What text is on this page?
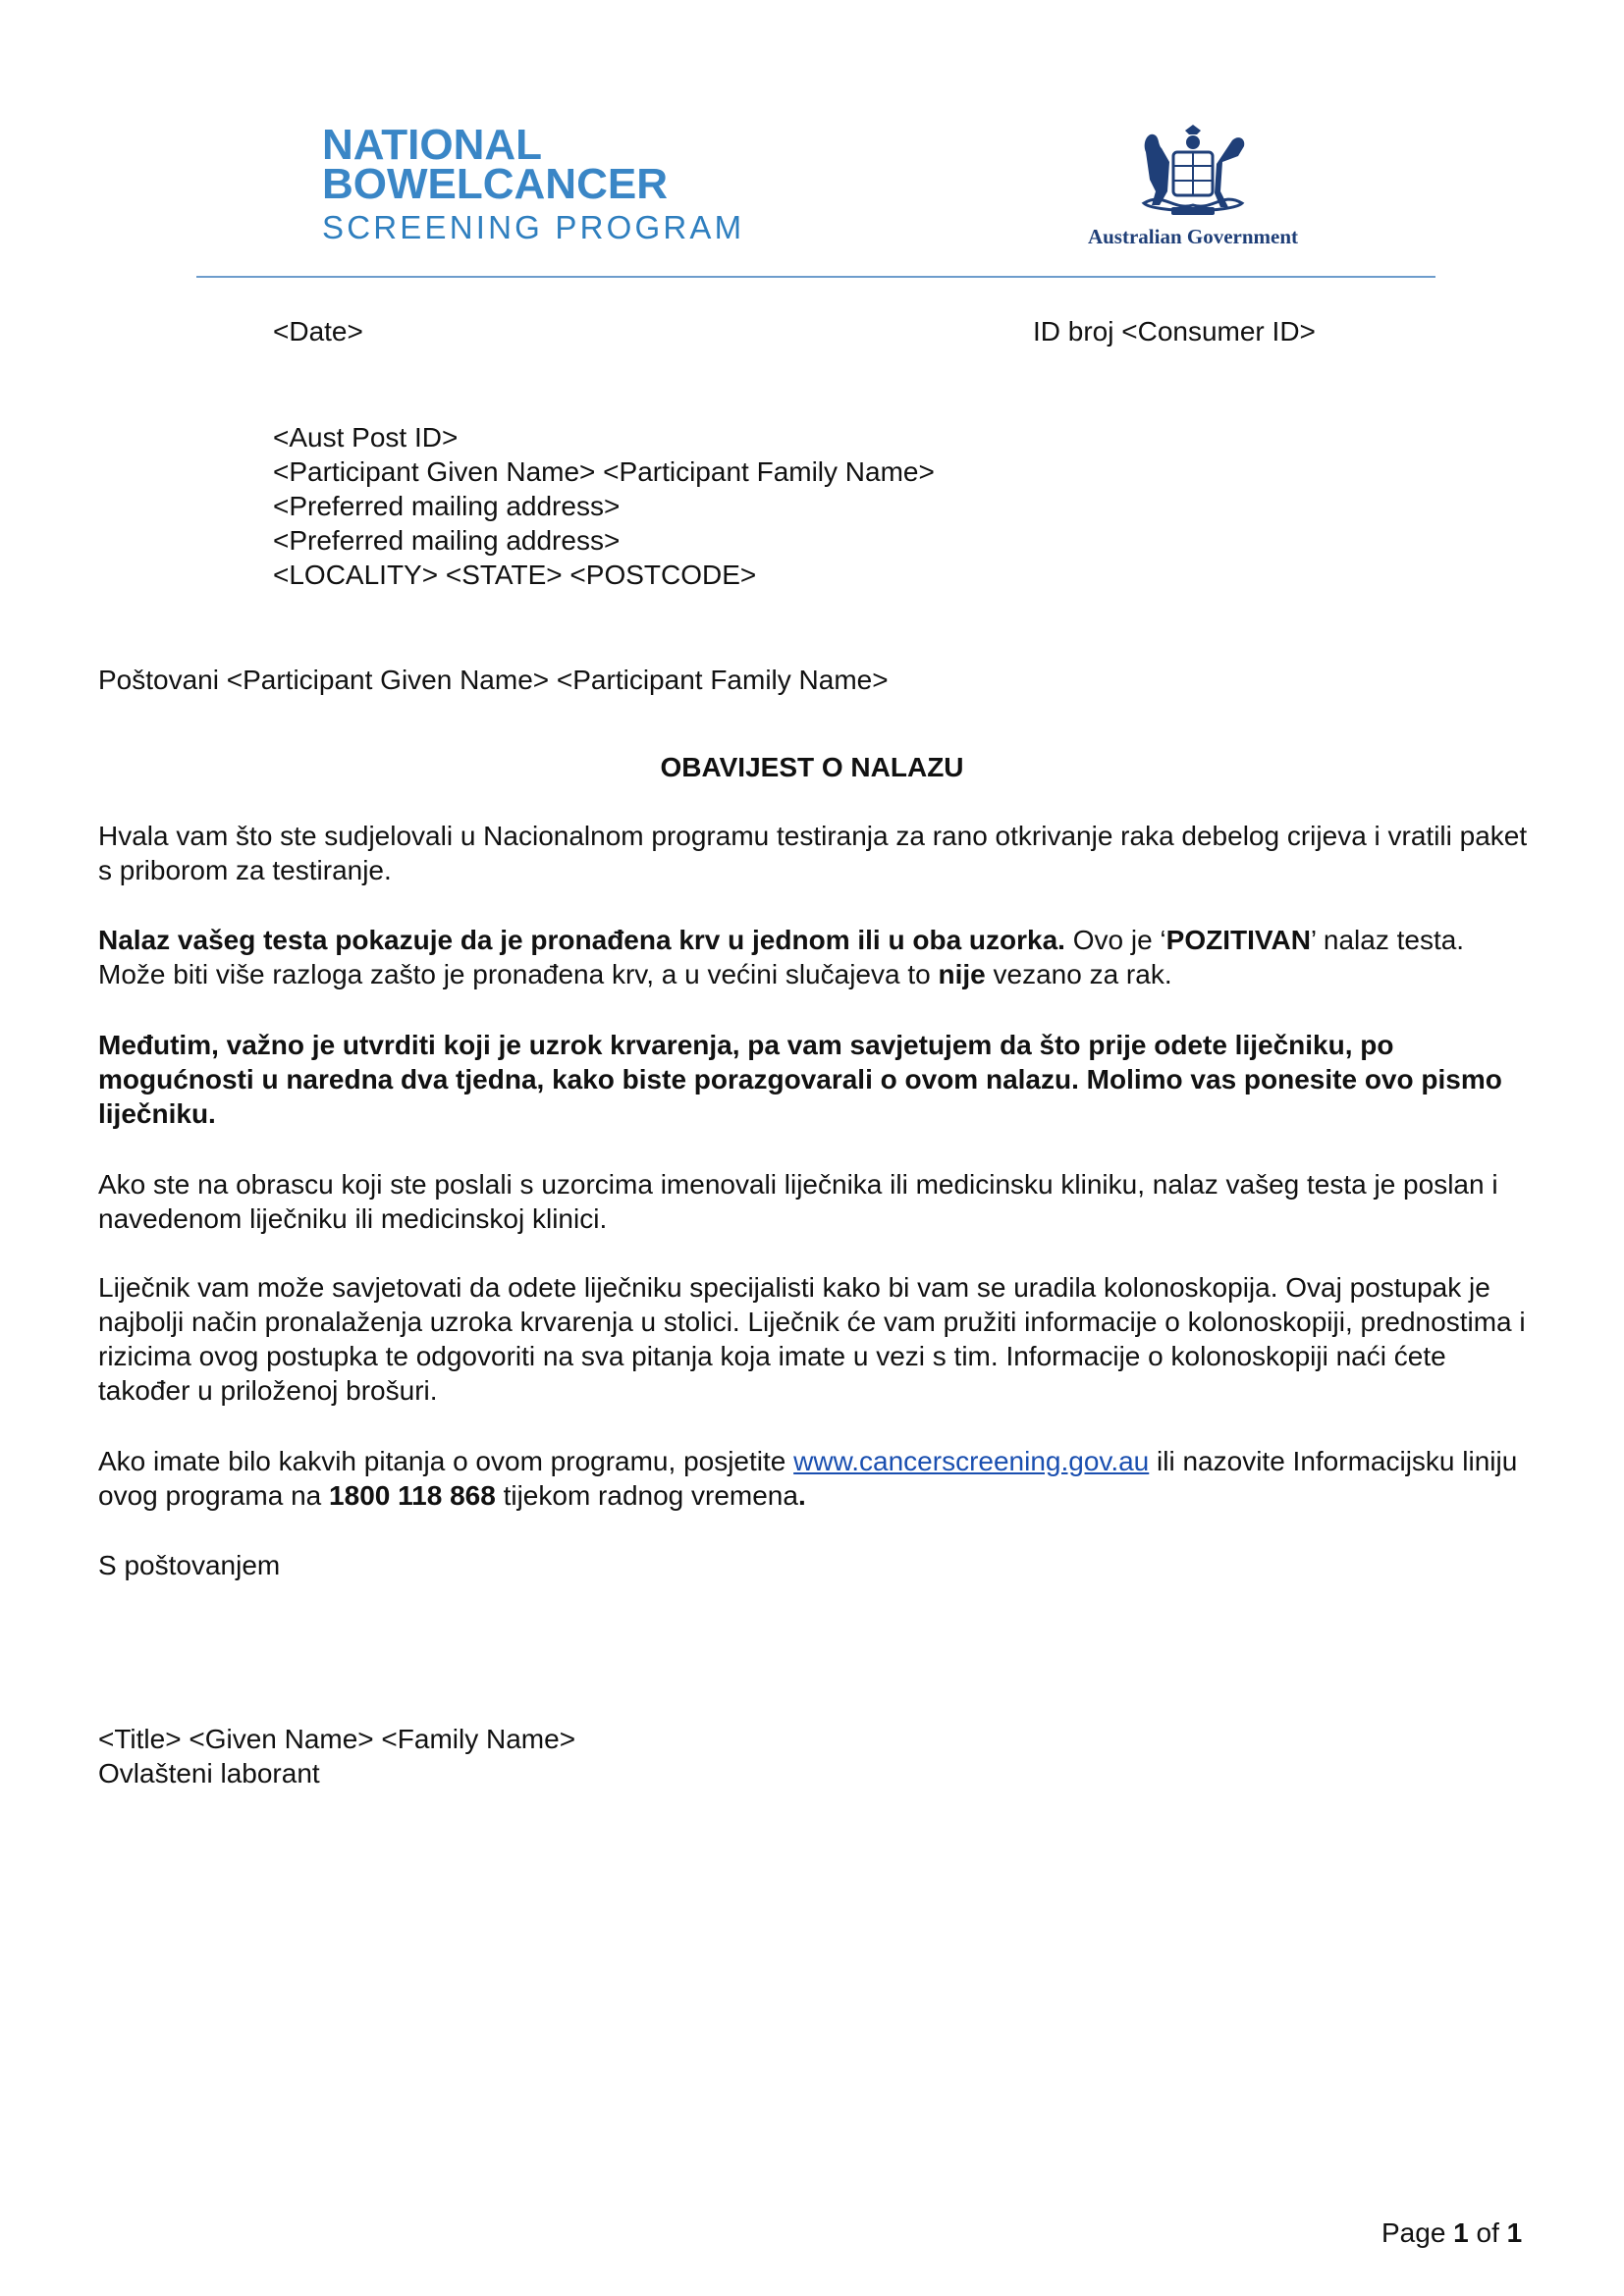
NATIONAL
BOWELCANCER
SCREENING PROGRAM	Australian Government
<Date>	ID broj <Consumer ID>
<Aust Post ID>
<Participant Given Name> <Participant Family Name>
<Preferred mailing address>
<Preferred mailing address>
<LOCALITY> <STATE> <POSTCODE>
Poštovani <Participant Given Name> <Participant Family Name>
OBAVIJEST O NALAZU
Hvala vam što ste sudjelovali u Nacionalnom programu testiranja za rano otkrivanje raka debelog crijeva i vratili paket s priborom za testiranje.
Nalaz vašeg testa pokazuje da je pronađena krv u jednom ili u oba uzorka. Ovo je ‘POZITIVAN’ nalaz testa. Može biti više razloga zašto je pronađena krv, a u većini slučajeva to nije vezano za rak.
Međutim, važno je utvrditi koji je uzrok krvarenja, pa vam savjetujem da što prije odete liječniku, po mogućnosti u naredna dva tjedna, kako biste porazgovarali o ovom nalazu. Molimo vas ponesite ovo pismo liječniku.
Ako ste na obrascu koji ste poslali s uzorcima imenovali liječnika ili medicinsku kliniku, nalaz vašeg testa je poslan i navedenom liječniku ili medicinskoj klinici.
Liječnik vam može savjetovati da odete liječniku specijalisti kako bi vam se uradila kolonoskopija. Ovaj postupak je najbolji način pronalaženja uzroka krvarenja u stolici. Liječnik će vam pružiti informacije o kolonoskopiji, prednostima i rizicima ovog postupka te odgovoriti na sva pitanja koja imate u vezi s tim. Informacije o kolonoskopiji naći ćete također u priloženoj brošuri.
Ako imate bilo kakvih pitanja o ovom programu, posjetite www.cancerscreening.gov.au ili nazovite Informacijsku liniju ovog programa na 1800 118 868 tijekom radnog vremena.
S poštovanjem
<Title> <Given Name> <Family Name>
Ovlašteni laborant
Page 1 of 1
